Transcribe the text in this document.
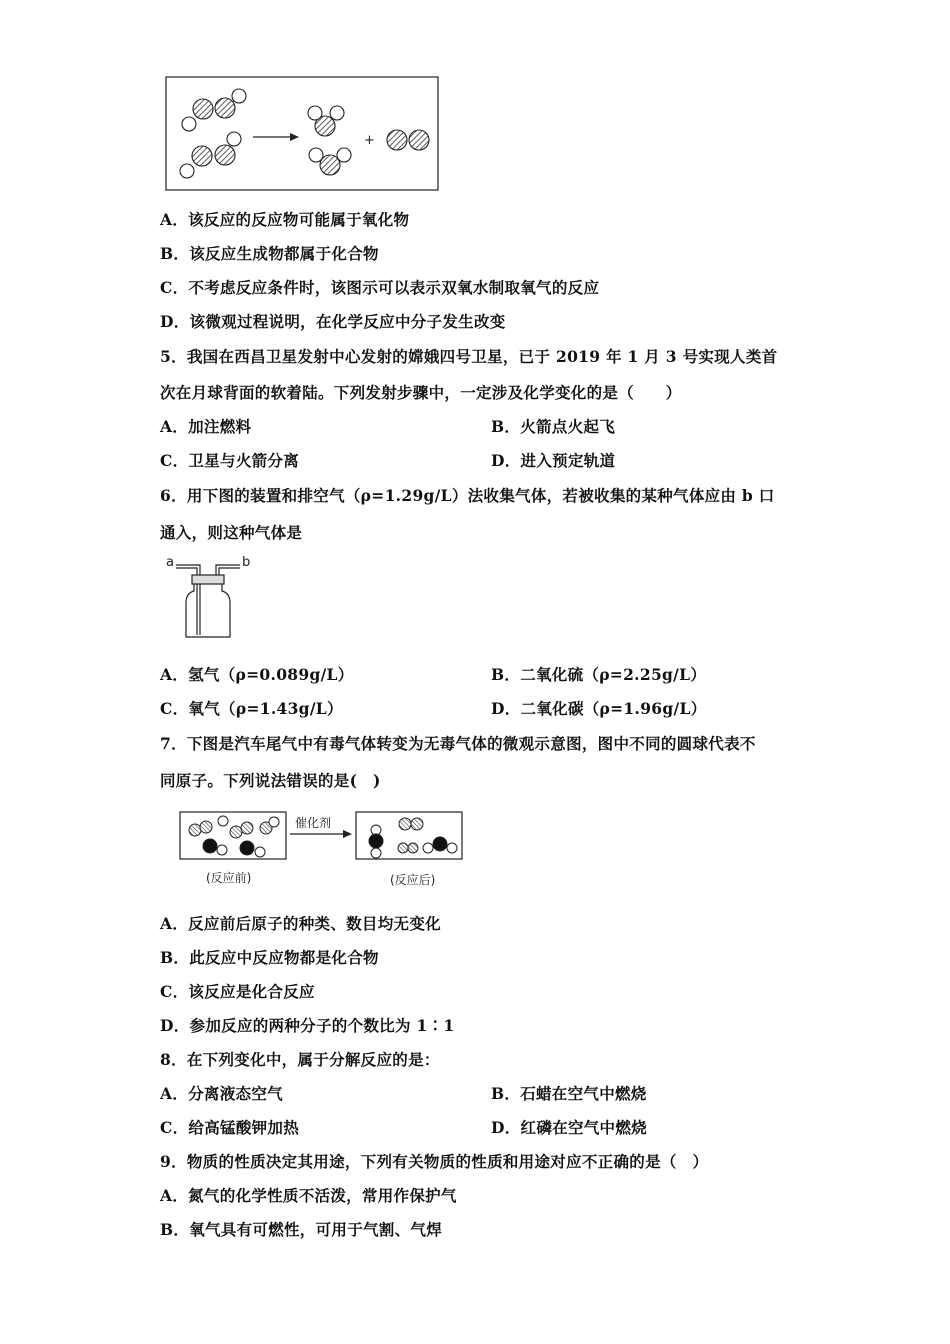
+
A．该反应的反应物可能属于氧化物
B．该反应生成物都属于化合物
C．不考虑反应条件时，该图示可以表示双氧水制取氧气的反应
D．该微观过程说明，在化学反应中分子发生改变
5．我国在西昌卫星发射中心发射的嫦娥四号卫星，已于 2019 年 1 月 3 号实现人类首
次在月球背面的软着陆。下列发射步骤中，一定涉及化学变化的是（　　）
A．加注燃料	B．火箭点火起飞
C．卫星与火箭分离	D．进入预定轨道
6．用下图的装置和排空气（ρ=1.29g/L）法收集气体，若被收集的某种气体应由 b 口
通入，则这种气体是
a	b
A．氢气（ρ=0.089g/L）	B．二氧化硫（ρ=2.25g/L）
C．氧气（ρ=1.43g/L）	D．二氧化碳（ρ=1.96g/L）
7．下图是汽车尾气中有毒气体转变为无毒气体的微观示意图，图中不同的圆球代表不
同原子。下列说法错误的是(　)
催化剂
(反应前)	(反应后)
A．反应前后原子的种类、数目均无变化
B．此反应中反应物都是化合物
C．该反应是化合反应
D．参加反应的两种分子的个数比为 1∶1
8．在下列变化中，属于分解反应的是：
A．分离液态空气	B．石蜡在空气中燃烧
C．给高锰酸钾加热	D．红磷在空气中燃烧
9．物质的性质决定其用途，下列有关物质的性质和用途对应不正确的是（　）
A．氮气的化学性质不活泼，常用作保护气
B．氧气具有可燃性，可用于气割、气焊
